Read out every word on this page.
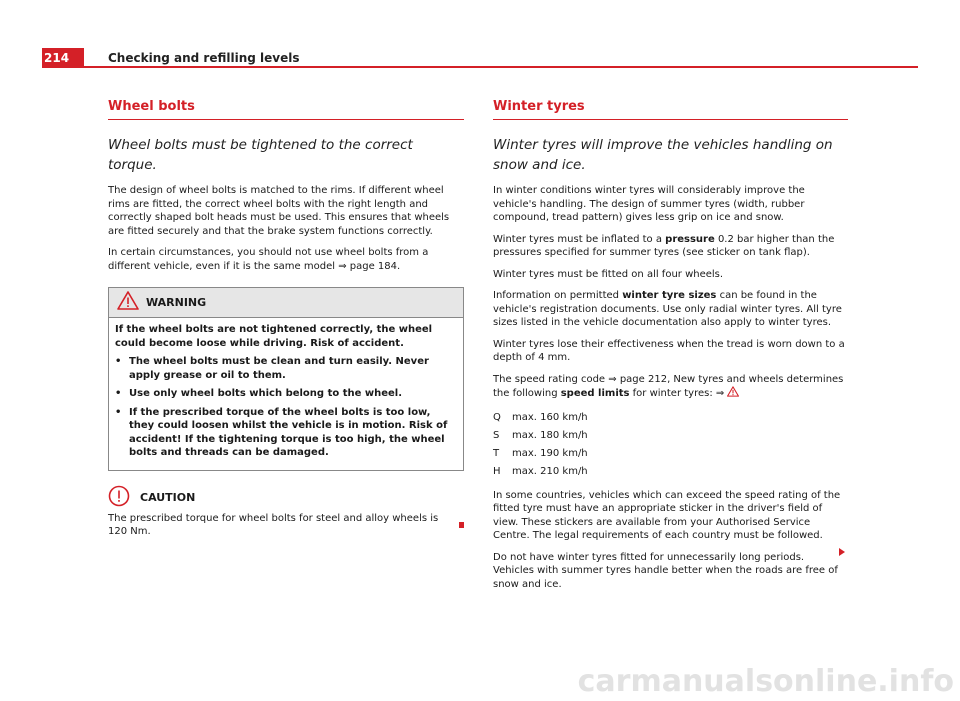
214	Checking and refilling levels
Wheel bolts
Wheel bolts must be tightened to the correct torque.

The design of wheel bolts is matched to the rims. If different wheel rims are fitted, the correct wheel bolts with the right length and correctly shaped bolt heads must be used. This ensures that wheels are fitted securely and that the brake system functions correctly.

In certain circumstances, you should not use wheel bolts from a different vehicle, even if it is the same model ⇒ page 184.

WARNING

If the wheel bolts are not tightened correctly, the wheel could become loose while driving. Risk of accident.

• The wheel bolts must be clean and turn easily. Never apply grease or oil to them.
• Use only wheel bolts which belong to the wheel.
• If the prescribed torque of the wheel bolts is too low, they could loosen whilst the vehicle is in motion. Risk of accident! If the tightening torque is too high, the wheel bolts and threads can be damaged.
CAUTION
The prescribed torque for wheel bolts for steel and alloy wheels is 120 Nm.
Winter tyres
Winter tyres will improve the vehicles handling on snow and ice.

In winter conditions winter tyres will considerably improve the vehicle's handling. The design of summer tyres (width, rubber compound, tread pattern) gives less grip on ice and snow.

Winter tyres must be inflated to a pressure 0.2 bar higher than the pressures specified for summer tyres (see sticker on tank flap).

Winter tyres must be fitted on all four wheels.

Information on permitted winter tyre sizes can be found in the vehicle's registration documents. Use only radial winter tyres. All tyre sizes listed in the vehicle documentation also apply to winter tyres.

Winter tyres lose their effectiveness when the tread is worn down to a depth of 4 mm.

The speed rating code ⇒ page 212, New tyres and wheels determines the following speed limits for winter tyres: ⇒

Q	max. 160 km/h
S	max. 180 km/h
T	max. 190 km/h
H	max. 210 km/h

In some countries, vehicles which can exceed the speed rating of the fitted tyre must have an appropriate sticker in the driver's field of view. These stickers are available from your Authorised Service Centre. The legal requirements of each country must be followed.

Do not have winter tyres fitted for unnecessarily long periods. Vehicles with summer tyres handle better when the roads are free of snow and ice.

carmanualsonline.info
